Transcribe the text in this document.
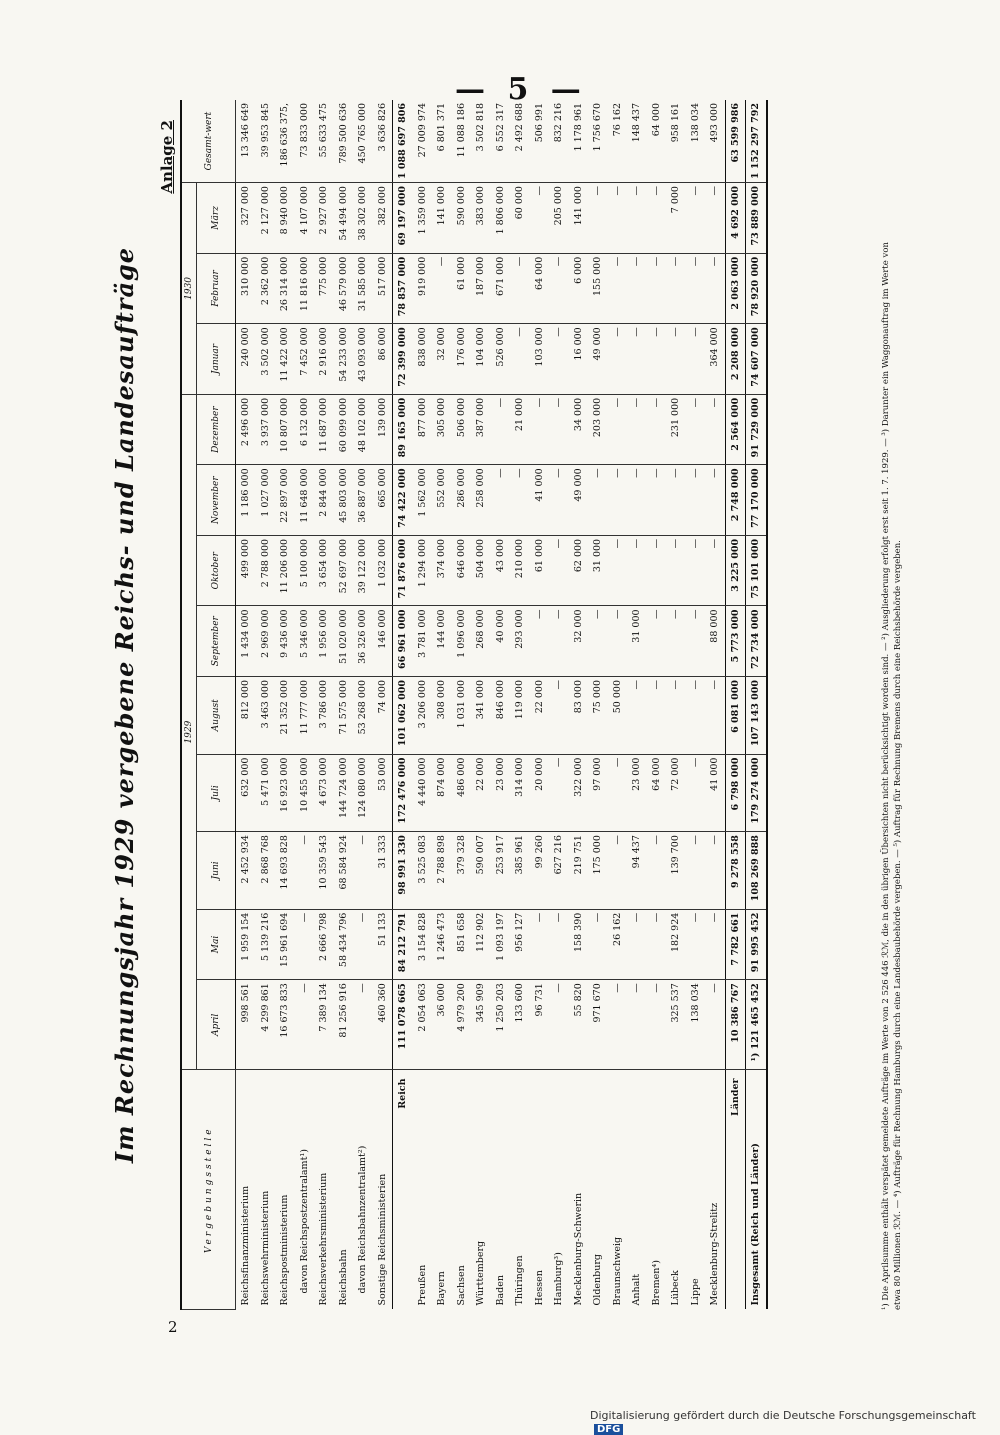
— 5 —
Im Rechnungsjahr 1929 vergebene Reichs- und Landesaufträge
Anlage 2
Vergebungsstelle	1929									1930			Gesamt-wert
	April	Mai	Juni	Juli	August	September	Oktober	November	Dezember	Januar	Februar	März	
Reichsfinanzministerium	998 561	1 959 154	2 452 934	632 000	812 000	1 434 000	499 000	1 186 000	2 496 000	240 000	310 000	327 000	13 346 649
Reichswehrministerium	4 299 861	5 139 216	2 868 768	5 471 000	3 463 000	2 969 000	2 788 000	1 027 000	3 937 000	3 502 000	2 362 000	2 127 000	39 953 845
Reichspostministerium	16 673 833	15 961 694	14 693 828	16 923 000	21 352 000	9 436 000	11 206 000	22 897 000	10 807 000	11 422 000	26 314 000	8 940 000	186 636 375,
davon Reichspostzentralamt¹)	—	—	—	10 455 000	11 777 000	5 346 000	5 100 000	11 648 000	6 132 000	7 452 000	11 816 000	4 107 000	73 833 000
Reichsverkehrsministerium	7 389 134	2 666 798	10 359 543	4 673 000	3 786 000	1 956 000	3 654 000	2 844 000	11 687 000	2 916 000	775 000	2 927 000	55 633 475
Reichsbahn	81 256 916	58 434 796	68 584 924	144 724 000	71 575 000	51 020 000	52 697 000	45 803 000	60 099 000	54 233 000	46 579 000	54 494 000	789 500 636
davon Reichsbahnzentralamt²)	—	—	—	124 080 000	53 268 000	36 326 000	39 122 000	36 887 000	48 102 000	43 093 000	31 585 000	38 302 000	450 765 000
Sonstige Reichsministerien	460 360	51 133	31 333	53 000	74 000	146 000	1 032 000	665 000	139 000	86 000	517 000	382 000	3 636 826
Reich	111 078 665	84 212 791	98 991 330	172 476 000	101 062 000	66 961 000	71 876 000	74 422 000	89 165 000	72 399 000	78 857 000	69 197 000	1 088 697 806
Preußen	2 054 063	3 154 828	3 525 083	4 440 000	3 206 000	3 781 000	1 294 000	1 562 000	877 000	838 000	919 000	1 359 000	27 009 974
Bayern	36 000	1 246 473	2 788 898	874 000	308 000	144 000	374 000	552 000	305 000	32 000	—	141 000	6 801 371
Sachsen	4 979 200	851 658	379 328	486 000	1 031 000	1 096 000	646 000	286 000	506 000	176 000	61 000	590 000	11 088 186
Württemberg	345 909	112 902	590 007	22 000	341 000	268 000	504 000	258 000	387 000	104 000	187 000	383 000	3 502 818
Baden	1 250 203	1 093 197	253 917	23 000	846 000	40 000	43 000	—	—	526 000	671 000	1 806 000	6 552 317
Thüringen	133 600	956 127	385 961	314 000	119 000	293 000	210 000	—	21 000	—	—	60 000	2 492 688
Hessen	96 731	—	99 260	20 000	22 000	—	61 000	41 000	—	103 000	64 000	—	506 991
Hamburg³)	—	—	627 216	—	—	—	—	—	—	—	—	205 000	832 216
Mecklenburg-Schwerin	55 820	158 390	219 751	322 000	83 000	32 000	62 000	49 000	34 000	16 000	6 000	141 000	1 178 961
Oldenburg	971 670	—	175 000	97 000	75 000	—	31 000	—	203 000	49 000	155 000	—	1 756 670
Braunschweig	—	26 162	—	—	50 000	—	—	—	—	—	—	—	76 162
Anhalt	—	—	94 437	23 000	—	31 000	—	—	—	—	—	—	148 437
Bremen⁴)	—	—	—	64 000	—	—	—	—	—	—	—	—	64 000
Lübeck	325 537	182 924	139 700	72 000	—	—	—	—	231 000	—	—	7 000	958 161
Lippe	138 034	—	—	—	—	—	—	—	—	—	—	—	138 034
Mecklenburg-Strelitz	—	—	—	41 000	—	88 000	—	—	—	364 000	—	—	493 000
Länder	10 386 767	7 782 661	9 278 558	6 798 000	6 081 000	5 773 000	3 225 000	2 748 000	2 564 000	2 208 000	2 063 000	4 692 000	63 599 986
Insgesamt (Reich und Länder)	¹) 121 465 452	91 995 452	108 269 888	179 274 000	107 143 000	72 734 000	75 101 000	77 170 000	91 729 000	74 607 000	78 920 000	73 889 000	1 152 297 792
¹) Die Aprilsumme enthält verspätet gemeldete Aufträge im Werte von 2 526 446 ℛℳ, die in den übrigen Übersichten nicht berücksichtigt worden sind. — ²) Ausgliederung erfolgt erst seit 1. 7. 1929. — ³) Darunter ein Waggonauftrag im Werte von etwa 80 Millionen ℛℳ. — ⁴) Aufträge für Rechnung Hamburgs durch eine Landesbaubehörde vergeben. — ⁵) Auftrag für Rechnung Bremens durch eine Reichsbehörde vergeben.
2
Digitalisierung gefördert durch die Deutsche ForschungsgemeinschaftDFG
